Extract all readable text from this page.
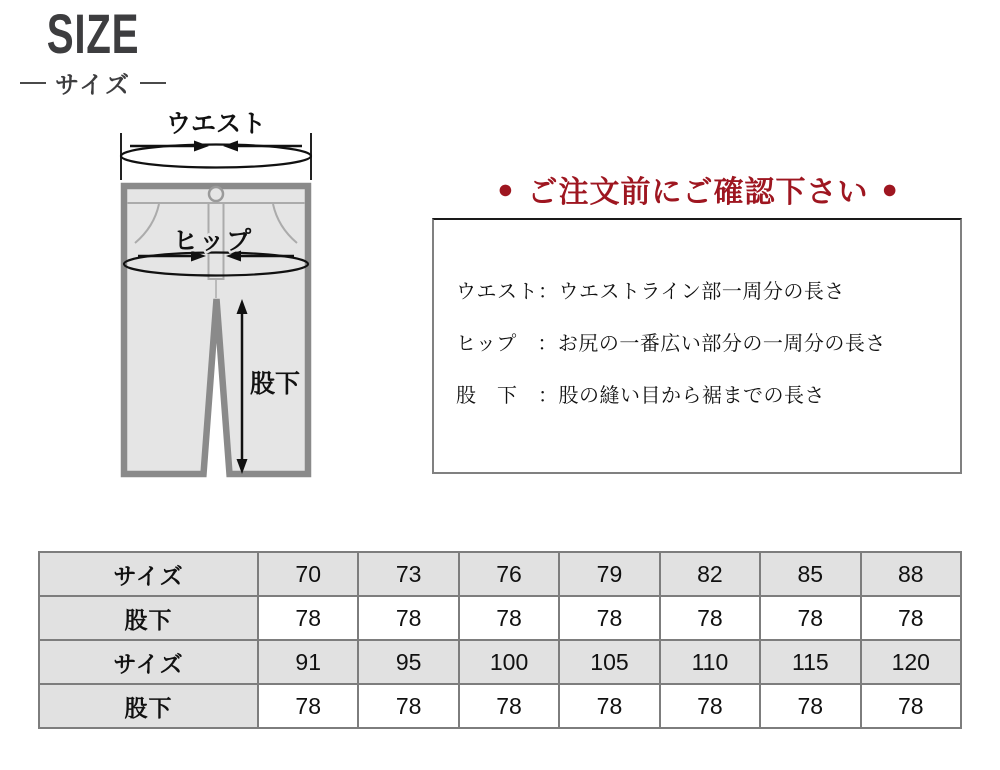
SIZE
サイズ
ウエスト
ヒップ
股下
● ご注文前にご確認下さい ●
ウエスト：ウエストライン部一周分の長さ
ヒップ　：お尻の一番広い部分の一周分の長さ
股　下　：股の縫い目から裾までの長さ
サイズ	70	73	76	79	82	85	88
股下	78	78	78	78	78	78	78
サイズ	91	95	100	105	110	115	120
股下	78	78	78	78	78	78	78
